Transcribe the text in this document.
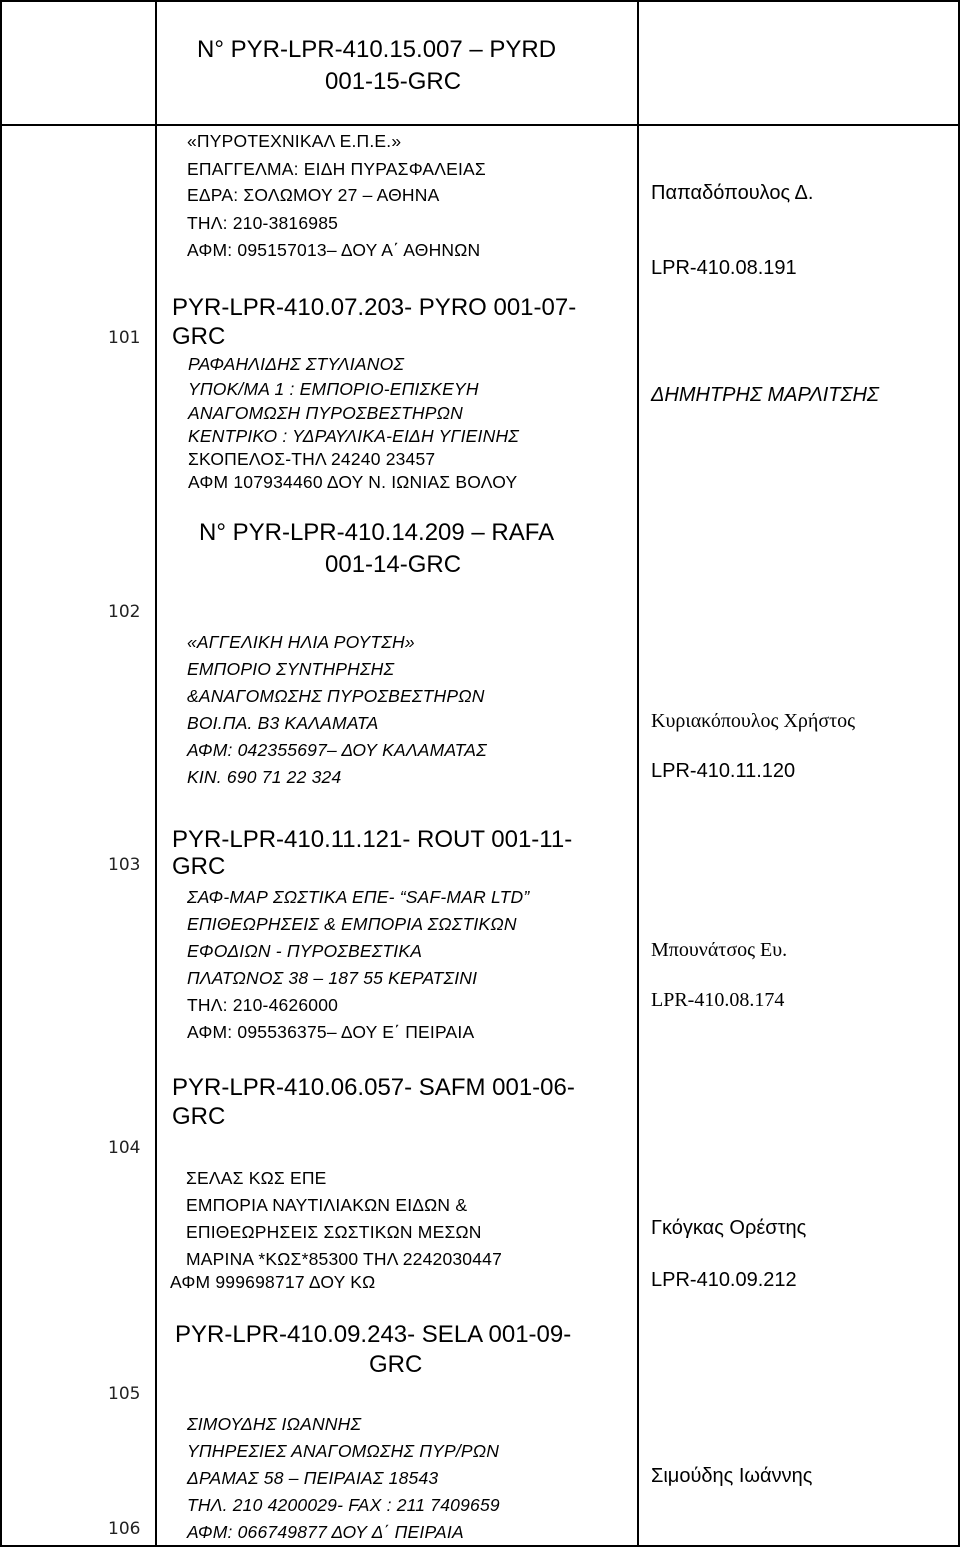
N° PYR-LPR-410.15.007 – PYRD
001-15-GRC
101
102
103
104
105
106
«ΠΥΡΟΤΕΧΝΙΚΑΛ Ε.Π.Ε.»
ΕΠΑΓΓΕΛΜΑ: ΕΙΔΗ ΠΥΡΑΣΦΑΛΕΙΑΣ
ΕΔΡΑ: ΣΟΛΩΜΟΥ 27 – ΑΘΗΝΑ
ΤΗΛ: 210-3816985
ΑΦΜ: 095157013– ΔΟΥ Α΄ ΑΘΗΝΩΝ
Παπαδόπουλος Δ.
LPR-410.08.191
PYR-LPR-410.07.203- PYRO 001-07-
GRC
ΡΑΦΑΗΛΙΔΗΣ ΣΤΥΛΙΑΝΟΣ
ΥΠΟΚ/ΜΑ 1 : ΕΜΠΟΡΙΟ-ΕΠΙΣΚΕΥΗ
ΑΝΑΓΟΜΩΣΗ ΠΥΡΟΣΒΕΣΤΗΡΩΝ
ΚΕΝΤΡΙΚΟ : ΥΔΡΑΥΛΙΚΑ-ΕΙΔΗ ΥΓΙΕΙΝΗΣ
ΣΚΟΠΕΛΟΣ-ΤΗΛ 24240 23457
ΑΦΜ 107934460 ΔΟΥ Ν. ΙΩΝΙΑΣ ΒΟΛΟΥ
ΔΗΜΗΤΡΗΣ ΜΑΡΛΙΤΣΗΣ
N° PYR-LPR-410.14.209 – RAFA
001-14-GRC
«ΑΓΓΕΛΙΚΗ ΗΛΙΑ ΡΟΥΤΣΗ»
ΕΜΠΟΡΙΟ ΣΥΝΤΗΡΗΣΗΣ
&ΑΝΑΓΟΜΩΣΗΣ ΠΥΡΟΣΒΕΣΤΗΡΩΝ
ΒΟΙ.ΠΑ. Β3 ΚΑΛΑΜΑΤΑ
ΑΦΜ: 042355697– ΔΟΥ ΚΑΛΑΜΑΤΑΣ
ΚΙΝ. 690 71 22 324
Κυριακόπουλος Χρήστος
LPR-410.11.120
PYR-LPR-410.11.121- ROUT 001-11-
GRC
ΣΑΦ-ΜΑΡ ΣΩΣΤΙΚΑ ΕΠΕ- “SAF-MAR LTD”
ΕΠΙΘΕΩΡΗΣΕΙΣ & ΕΜΠΟΡΙΑ ΣΩΣΤΙΚΩΝ
ΕΦΟΔΙΩΝ - ΠΥΡΟΣΒΕΣΤΙΚΑ
ΠΛΑΤΩΝΟΣ 38 – 187 55 ΚΕΡΑΤΣΙΝΙ
ΤΗΛ: 210-4626000
ΑΦΜ: 095536375– ΔΟΥ Ε΄ ΠΕΙΡΑΙΑ
Μπουνάτσος Ευ.
LPR-410.08.174
PYR-LPR-410.06.057- SAFM 001-06-
GRC
ΣΕΛΑΣ ΚΩΣ ΕΠΕ
ΕΜΠΟΡΙΑ ΝΑΥΤΙΛΙΑΚΩΝ ΕΙΔΩΝ &
ΕΠΙΘΕΩΡΗΣΕΙΣ ΣΩΣΤΙΚΩΝ ΜΕΣΩΝ
ΜΑΡΙΝΑ *ΚΩΣ*85300 ΤΗΛ 2242030447
ΑΦΜ 999698717 ΔΟΥ ΚΩ
Γκόγκας Ορέστης
LPR-410.09.212
PYR-LPR-410.09.243- SELA 001-09-
GRC
ΣΙΜΟΥΔΗΣ ΙΩΑΝΝΗΣ
ΥΠΗΡΕΣΙΕΣ ΑΝΑΓΟΜΩΣΗΣ ΠΥΡ/ΡΩΝ
ΔΡΑΜΑΣ 58 – ΠΕΙΡΑΙΑΣ 18543
ΤΗΛ. 210 4200029- FAX : 211 7409659
ΑΦΜ: 066749877 ΔΟΥ Δ΄ ΠΕΙΡΑΙΑ
Σιμούδης Ιωάννης
